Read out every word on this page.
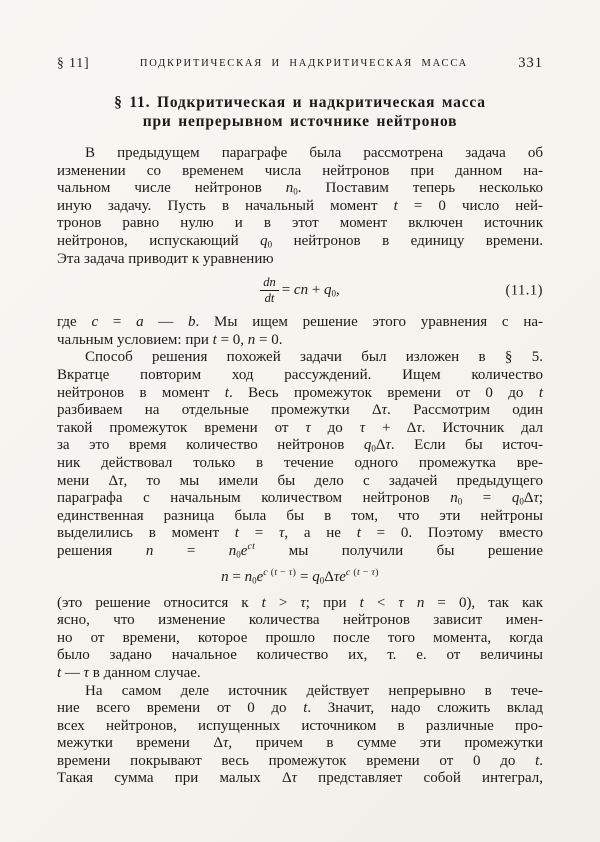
§ 11]	ПОДКРИТИЧЕСКАЯ И НАДКРИТИЧЕСКАЯ МАССА	331
§ 11. Подкритическая и надкритическая масса
при непрерывном источнике нейтронов
В предыдущем параграфе была рассмотрена задача об
изменении со временем числа нейтронов при данном на-
чальном числе нейтронов $n_0$. Поставим теперь несколько
иную задачу. Пусть в начальный момент t = 0 число ней-
тронов равно нулю и в этот момент включен источник
нейтронов, испускающий $q_0$ нейтронов в единицу времени.
Эта задача приводит к уравнению
$\frac{dn}{dt}$ = cn + $q_0$,	(11.1)
где c = a — b. Мы ищем решение этого уравнения с на-
чальным условием: при t = 0, n = 0.
Способ решения похожей задачи был изложен в § 5.
Вкратце повторим ход рассуждений. Ищем количество
нейтронов в момент t. Весь промежуток времени от 0 до t
разбиваем на отдельные промежутки Δτ. Рассмотрим один
такой промежуток времени от τ до τ + Δτ. Источник дал
за это время количество нейтронов $q_0\Delta\tau$. Если бы источ-
ник действовал только в течение одного промежутка вре-
мени Δτ, то мы имели бы дело с задачей предыдущего
параграфа с начальным количеством нейтронов $n_0 = q_0\Delta\tau$;
единственная разница была бы в том, что эти нейтроны
выделились в момент t = τ, а не t = 0. Поэтому вместо
решения $n = n_0e^{ct}$ мы получили бы решение
$n = n_0e^{c (t - \tau)} = q_0\Delta\tau e^{c (t - \tau)}$
(это решение относится к t > τ; при t < τ n = 0), так как
ясно, что изменение количества нейтронов зависит имен-
но от времени, которое прошло после того момента, когда
было задано начальное количество их, т. е. от величины
t — τ в данном случае.
На самом деле источник действует непрерывно в тече-
ние всего времени от 0 до t. Значит, надо сложить вклад
всех нейтронов, испущенных источником в различные про-
межутки времени Δτ, причем в сумме эти промежутки
времени покрывают весь промежуток времени от 0 до t.
Такая сумма при малых Δτ представляет собой интеграл,
